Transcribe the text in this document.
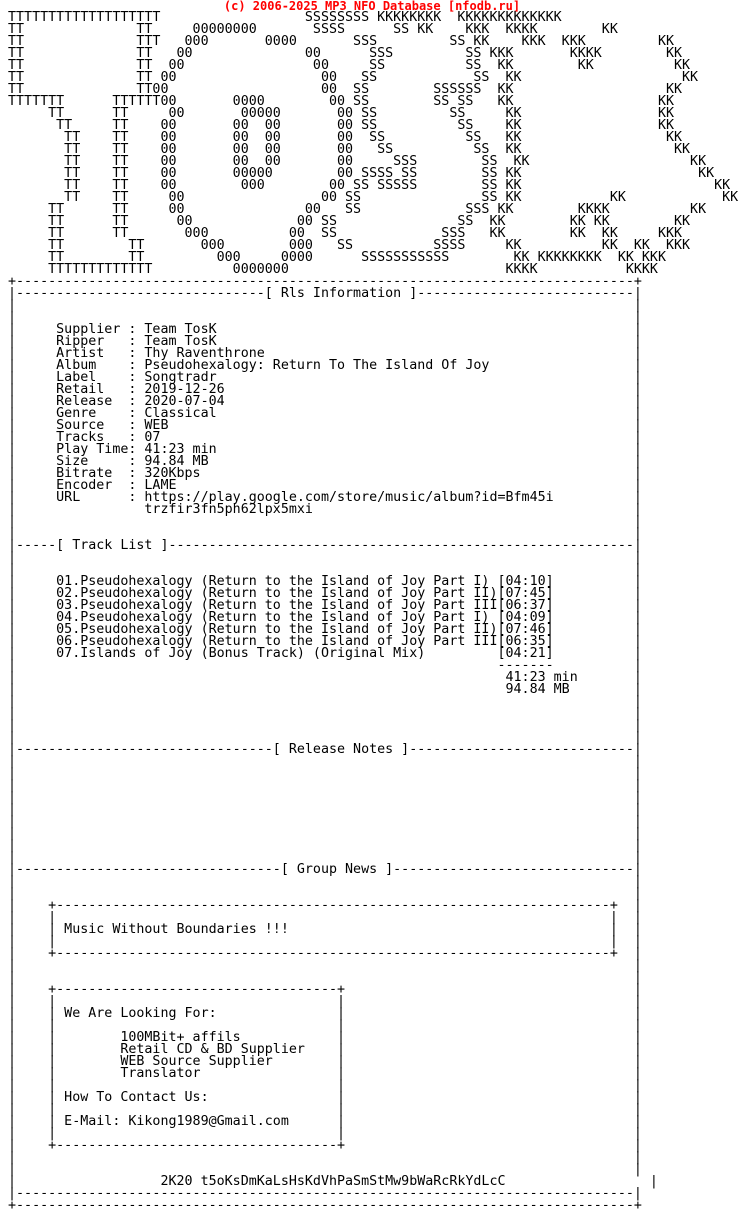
(c) 2006-2025 MP3 NFO Database [nfodb.ru]
TTTTTTTTTTTTTTTTTTT                  SSSSSSSS KKKKKKKK  KKKKKKKKKKKKK
TT              TT     00000000       SSSS      SS KK    KKK  KKKK        KK
TT              TTT   000       0000       SSS         SS KK    KKK  KKK         KK
TT              TT   00              00      SSS         SS KKK       KKKK        KK
TT              TT  00                00     SS          SS  KK        KK          KK
TT              TT 00                  00   SS            SS  KK                    KK
TT              TT00                   00  SS        SSSSSS  KK                   KK
TTTTTTT      TTTTTT00       0000        00 SS        SS SS   KK                  KK
TT      TT     00       00000       00 SS         SS     KK                 KK
TT     TT    00       00  00       00 SS          SS    KK                 KK
TT    TT    00       00  00       00  SS          SS   KK                  KK
TT    TT    00       00  00       00   SS          SS  KK                   KK
TT    TT    00       00  00       00     SSS        SS  KK                    KK
TT    TT    00       00000        00 SSSS SS        SS KK                      KK
TT    TT    00        000        00 SS SSSSS        SS KK                        KK
TT    TT     00                 00 SS               SS KK           KK            KK
TT      TT     00               00   SS             SSS KK        KKKK          KK
TT      TT      00             00 SS               SS  KK        KK KK        KK
TT      TT       000          00  SS             SSS   KK        KK  KK     KKK
TT        TT       000        000   SS          SSSS     KK          KK  KK  KKK
TT        TT         000     0000      SSSSSSSSSSS        KK KKKKKKKK  KK KKK
TTTTTTTTTTTTT          0000000                           KKKK           KKKK
+-----------------------------------------------------------------------------+
|-------------------------------[ Rls Information ]---------------------------|
|                                                                             |
|                                                                             |
|     Supplier : Team TosK                                                    |
|     Ripper   : Team TosK                                                    |
|     Artist   : Thy Raventhrone                                              |
|     Album    : Pseudohexalogy: Return To The Island Of Joy                  |
|     Label    : Songtradr                                                    |
|     Retail   : 2019-12-26                                                   |
|     Release  : 2020-07-04                                                   |
|     Genre    : Classical                                                    |
|     Source   : WEB                                                          |
|     Tracks   : 07                                                           |
|     Play Time: 41:23 min                                                    |
|     Size     : 94.84 MB                                                     |
|     Bitrate  : 320Kbps                                                      |
|     Encoder  : LAME                                                         |
|     URL      : https://play.google.com/store/music/album?id=Bfm45i          |
|                trzfir3fn5ph62lpx5mxi                                        |
|                                                                             |
|                                                                             |
|-----[ Track List ]----------------------------------------------------------|
|                                                                             |
|                                                                             |
|     01.Pseudohexalogy (Return to the Island of Joy Part I) [04:10]          |
|     02.Pseudohexalogy (Return to the Island of Joy Part II)[07:45]          |
|     03.Pseudohexalogy (Return to the Island of Joy Part III[06:37]          |
|     04.Pseudohexalogy (Return to the Island of Joy Part I) [04:09]          |
|     05.Pseudohexalogy (Return to the Island of Joy Part II)[07:46]          |
|     06.Pseudohexalogy (Return to the Island of Joy Part III[06:35]          |
|     07.Islands of Joy (Bonus Track) (Original Mix)         [04:21]          |
|                                                            -------          |
|                                                             41:23 min       |
|                                                             94.84 MB        |
|                                                                             |
|                                                                             |
|                                                                             |
|                                                                             |
|--------------------------------[ Release Notes ]----------------------------|
|                                                                             |
|                                                                             |
|                                                                             |
|                                                                             |
|                                                                             |
|                                                                             |
|                                                                             |
|                                                                             |
|                                                                             |
|---------------------------------[ Group News ]------------------------------|
|                                                                             |
|                                                                             |
|    +---------------------------------------------------------------------+  |
|    |                                                                     |  |
|    | Music Without Boundaries !!!                                        |  |
|    |                                                                     |  |
|    +---------------------------------------------------------------------+  |
|                                                                             |
|                                                                             |
|    +-----------------------------------+                                    |
|    |                                   |                                    |
|    | We Are Looking For:               |                                    |
|    |                                   |                                    |
|    |        100MBit+ affils            |                                    |
|    |        Retail CD & BD Supplier    |                                    |
|    |        WEB Source Supplier        |                                    |
|    |        Translator                 |                                    |
|    |                                   |                                    |
|    | How To Contact Us:                |                                    |
|    |                                   |                                    |
|    | E-Mail: Kikong1989@Gmail.com      |                                    |
|    |                                   |                                    |
|    +-----------------------------------+                                    |
|                                                                             |
|                                                                             |
|                  2K20 t5oKsDmKaLsHsKdVhPaSmStMw9bWaRcRkYdLcC                  |
|-----------------------------------------------------------------------------|
+-----------------------------------------------------------------------------+
